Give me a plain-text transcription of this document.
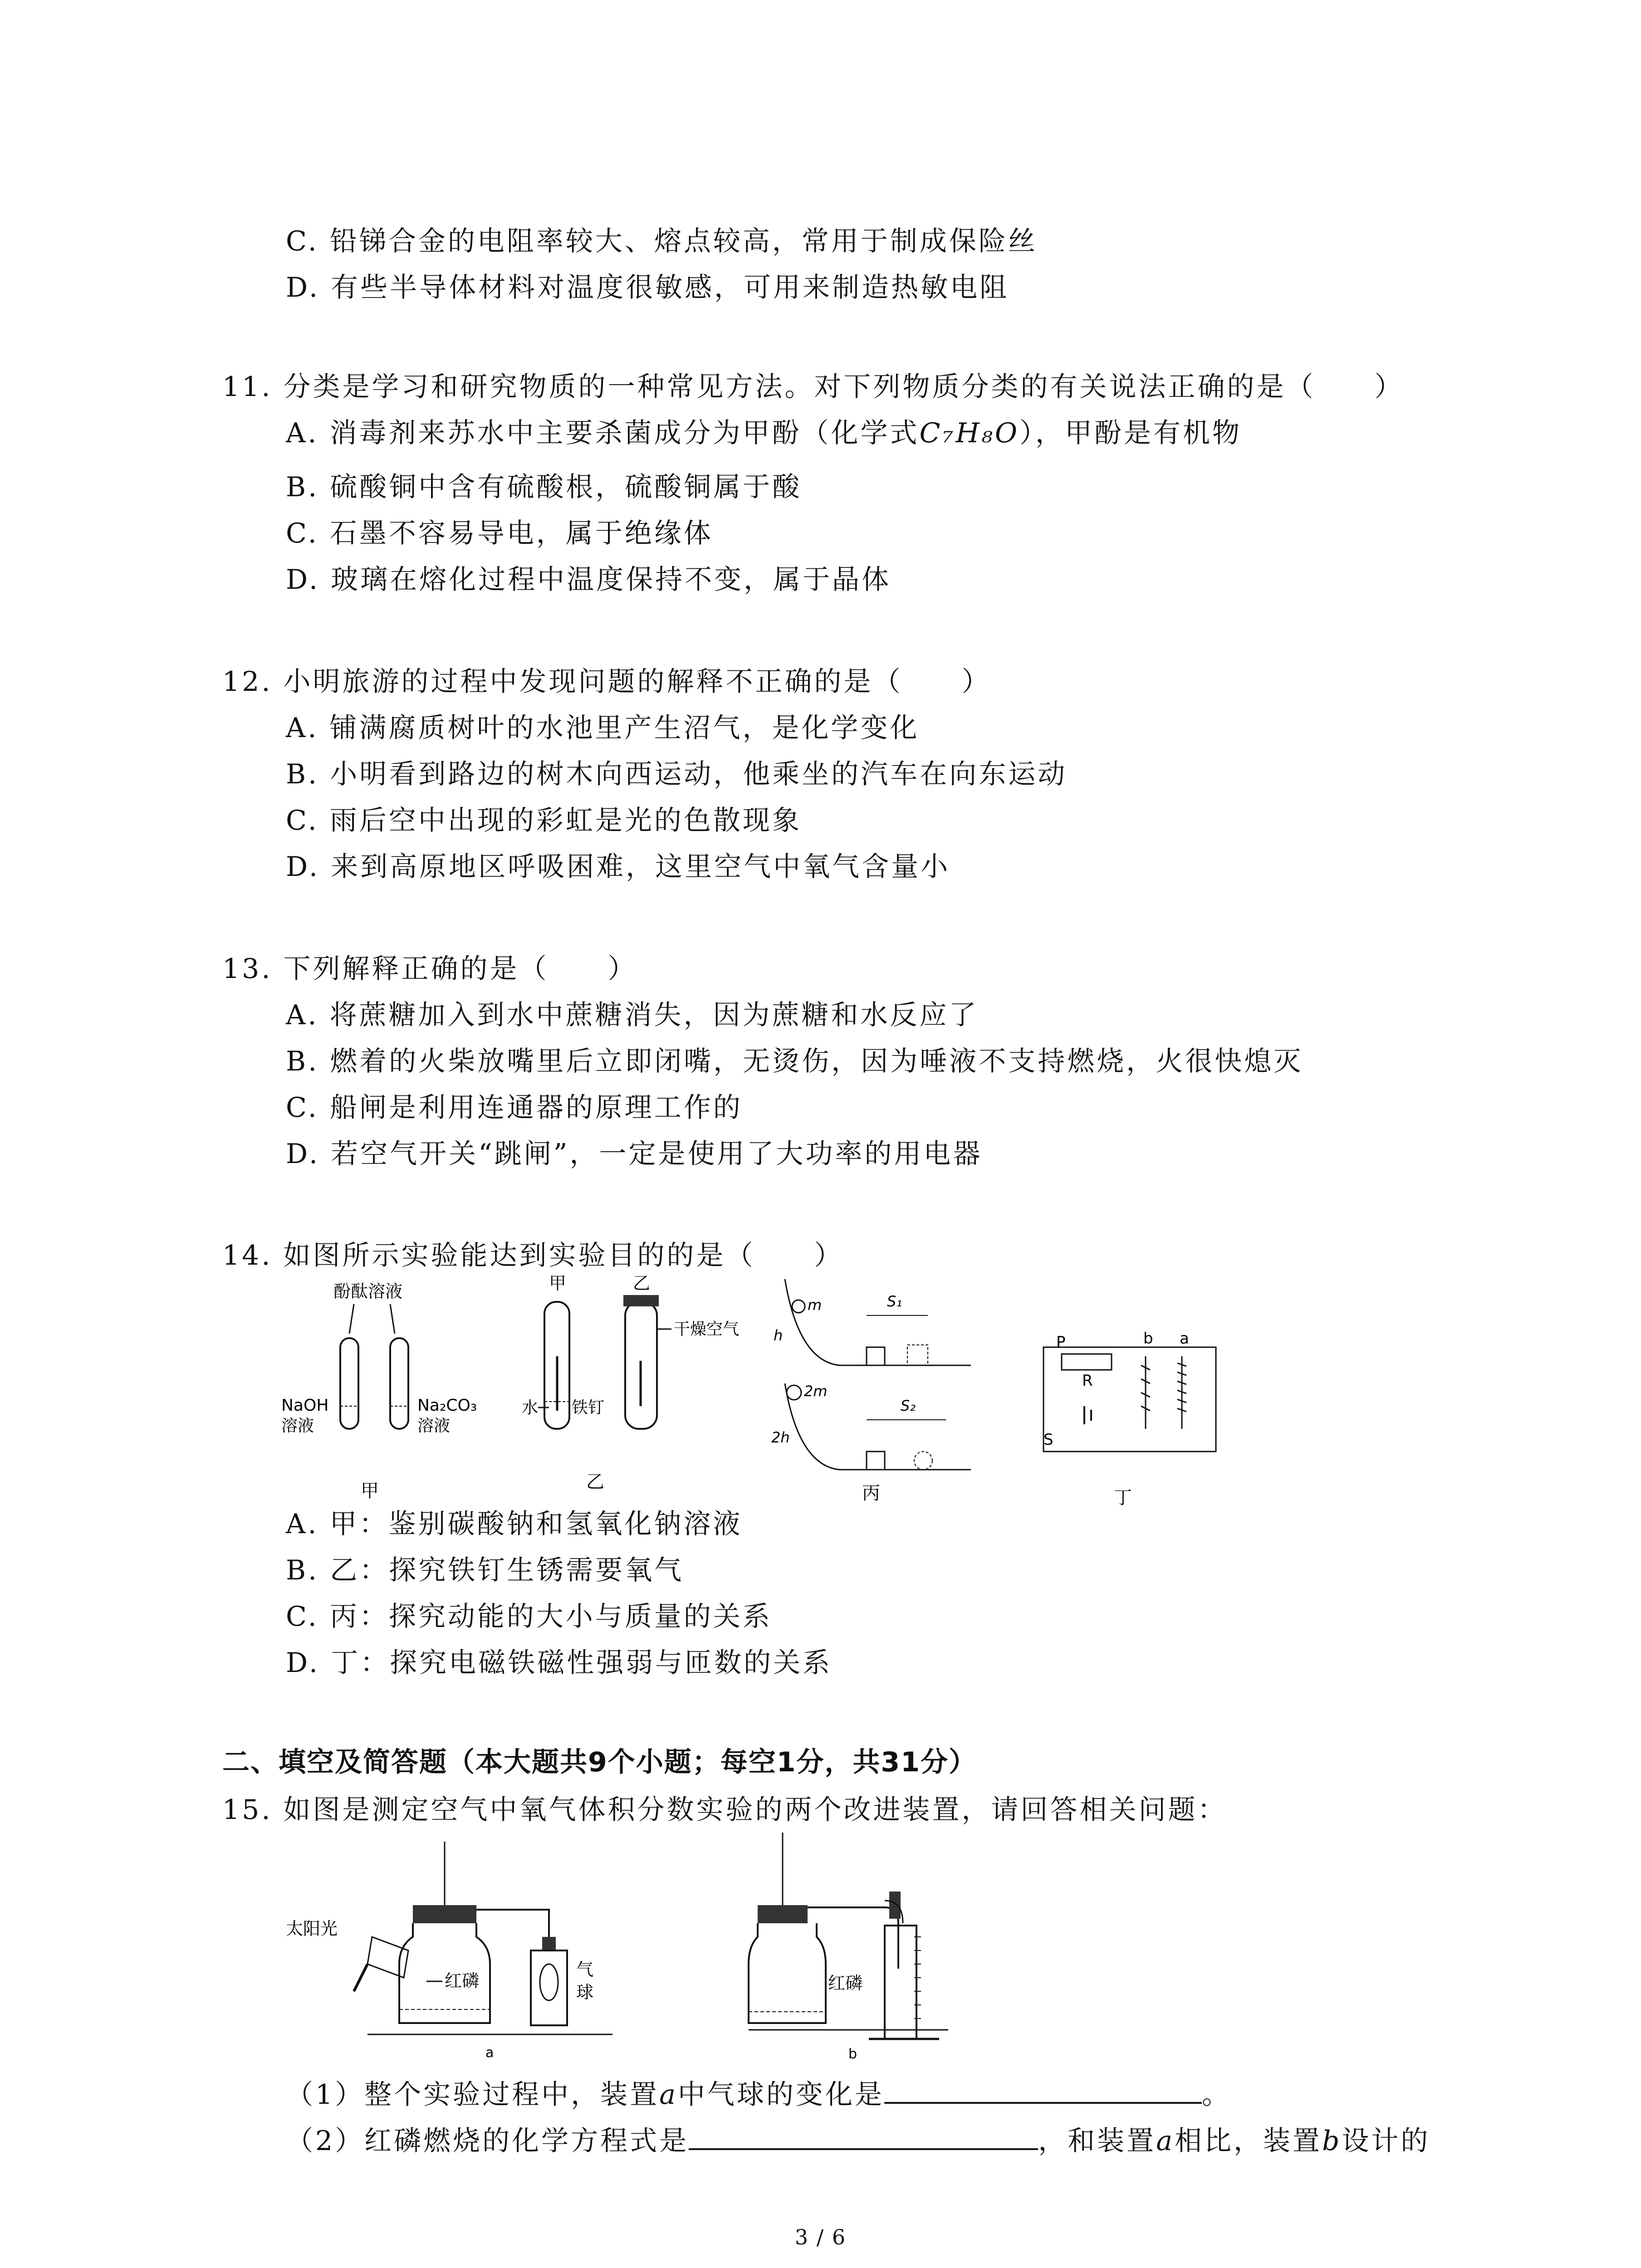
C. 铅锑合金的电阻率较大、熔点较高，常用于制成保险丝
D. 有些半导体材料对温度很敏感，可用来制造热敏电阻
11. 分类是学习和研究物质的一种常见方法。对下列物质分类的有关说法正确的是（　　）
A. 消毒剂来苏水中主要杀菌成分为甲酚（化学式C₇H₈O），甲酚是有机物
B. 硫酸铜中含有硫酸根，硫酸铜属于酸
C. 石墨不容易导电，属于绝缘体
D. 玻璃在熔化过程中温度保持不变，属于晶体
12. 小明旅游的过程中发现问题的解释不正确的是（　　）
A. 铺满腐质树叶的水池里产生沼气，是化学变化
B. 小明看到路边的树木向西运动，他乘坐的汽车在向东运动
C. 雨后空中出现的彩虹是光的色散现象
D. 来到高原地区呼吸困难，这里空气中氧气含量小
13. 下列解释正确的是（　　）
A. 将蔗糖加入到水中蔗糖消失，因为蔗糖和水反应了
B. 燃着的火柴放嘴里后立即闭嘴，无烫伤，因为唾液不支持燃烧，火很快熄灭
C. 船闸是利用连通器的原理工作的
D. 若空气开关“跳闸”，一定是使用了大功率的用电器
14. 如图所示实验能达到实验目的的是（　　）
酚酞溶液
NaOH
溶液
Na₂CO₃
溶液
甲
甲	乙
干燥空气
水 铁钉
乙
m
h
S₁
2m
2h
S₂
丙
P
R
S
b a
丁
A. 甲：鉴别碳酸钠和氢氧化钠溶液
B. 乙：探究铁钉生锈需要氧气
C. 丙：探究动能的大小与质量的关系
D. 丁：探究电磁铁磁性强弱与匝数的关系
二、填空及简答题（本大题共9个小题；每空1分，共31分）
15. 如图是测定空气中氧气体积分数实验的两个改进装置，请回答相关问题：
太阳光
红磷
气
球
a
红磷
b
（1）整个实验过程中，装置a中气球的变化是	。
（2）红磷燃烧的化学方程式是	，和装置a相比，装置b设计的
3 / 6
